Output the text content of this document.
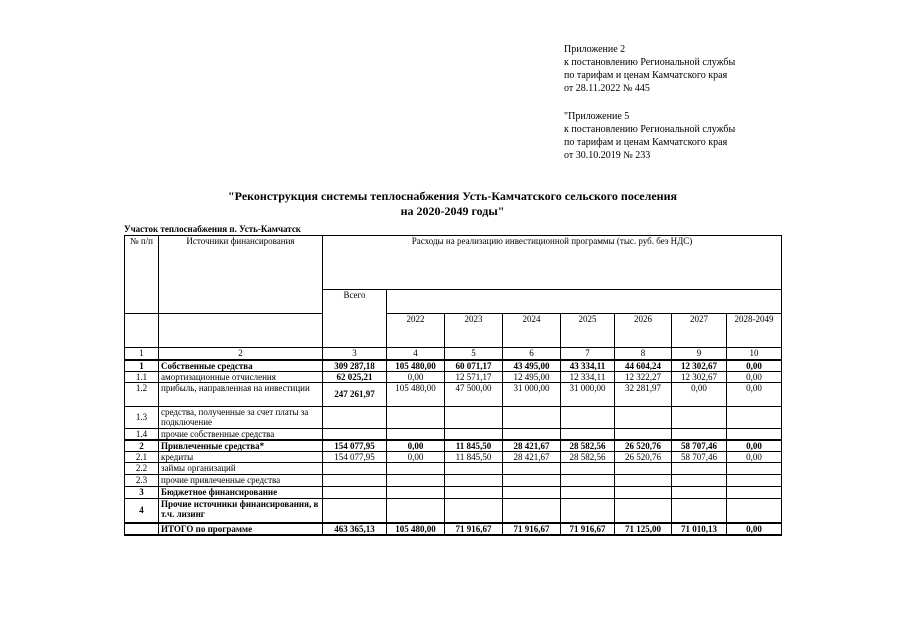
Приложение 2
к постановлению Региональной службы
по тарифам и ценам Камчатского края
от 28.11.2022 № 445
"Приложение 5
к постановлению Региональной службы
по тарифам и ценам Камчатского края
от 30.10.2019 № 233
"Реконструкция системы теплоснабжения Усть-Камчатского сельского поселения
на 2020-2049 годы"
Участок теплоснабжения п. Усть-Камчатск
№ п/п	Источники финансирования	Расходы на реализацию инвестиционной программы (тыс. руб. без НДС)							
		Всего							
			2022	2023	2024	2025	2026	2027	2028-2049
1	2	3	4	5	6	7	8	9	10
1	Собственные средства	309 287,18	105 480,00	60 071,17	43 495,00	43 334,11	44 604,24	12 302,67	0,00
1.1	амортизационные отчисления	62 025,21	0,00	12 571,17	12 495,00	12 334,11	12 322,27	12 302,67	0,00
1.2	прибыль, направленная на инвестиции	247 261,97	105 480,00	47 500,00	31 000,00	31 000,00	32 281,97	0,00	0,00
1.3	средства, полученные за счет платы за подключение								
1.4	прочие собственные средства								
2	Привлеченные средства*	154 077,95	0,00	11 845,50	28 421,67	28 582,56	26 520,76	58 707,46	0,00
2.1	кредиты	154 077,95	0,00	11 845,50	28 421,67	28 582,56	26 520,76	58 707,46	0,00
2.2	займы организаций								
2.3	прочие привлеченные средства								
3	Бюджетное финансирование								
4	Прочие источники финансирования, в т.ч. лизинг								
	ИТОГО по программе	463 365,13	105 480,00	71 916,67	71 916,67	71 916,67	71 125,00	71 010,13	0,00
